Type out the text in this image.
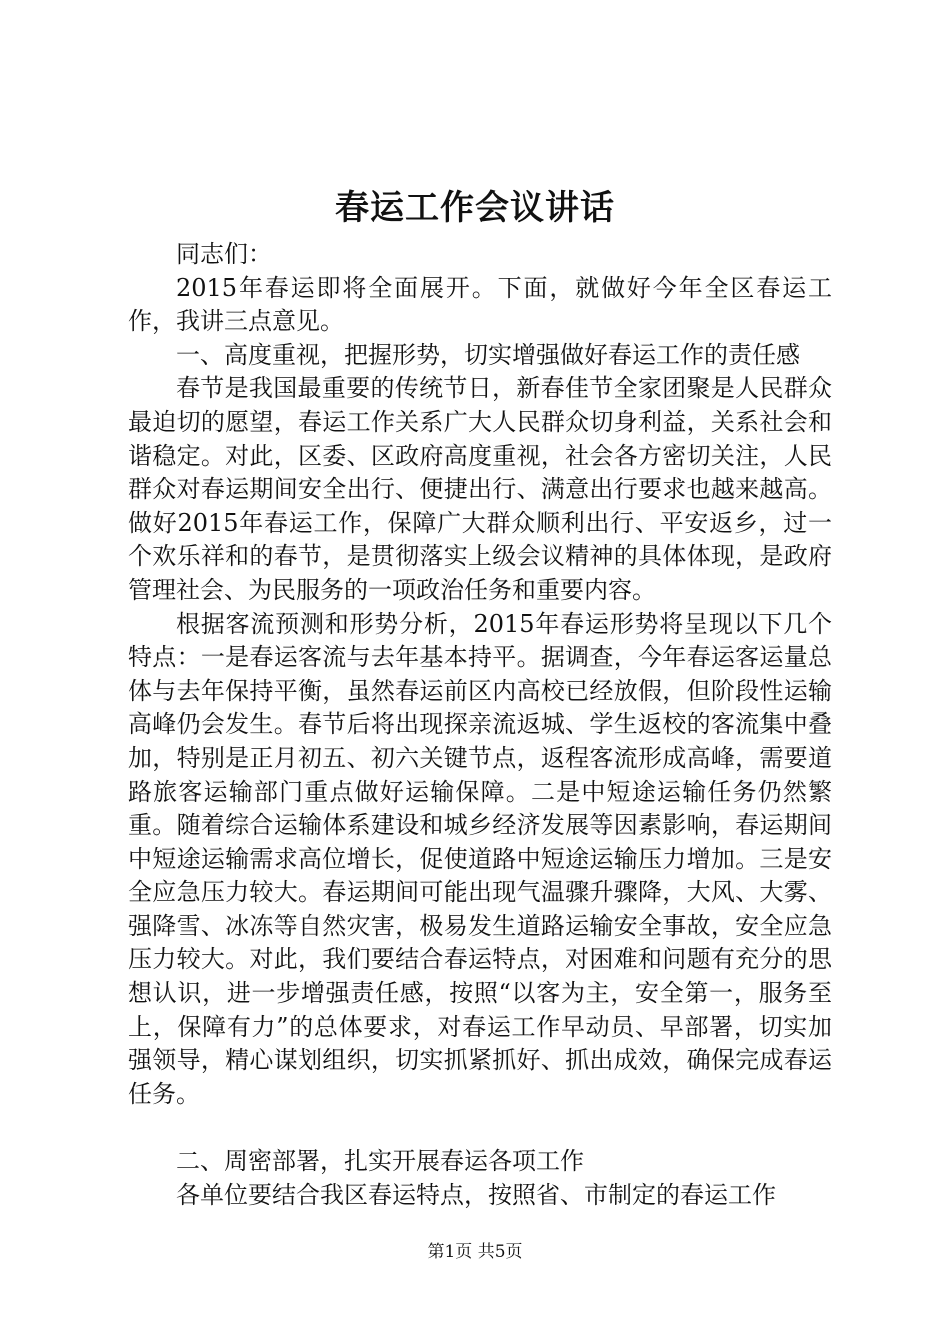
春运工作会议讲话

同志们：

2015年春运即将全面展开。下面，就做好今年全区春运工作，我讲三点意见。

一、高度重视，把握形势，切实增强做好春运工作的责任感

春节是我国最重要的传统节日，新春佳节全家团聚是人民群众最迫切的愿望，春运工作关系广大人民群众切身利益，关系社会和谐稳定。对此，区委、区政府高度重视，社会各方密切关注，人民群众对春运期间安全出行、便捷出行、满意出行要求也越来越高。做好2015年春运工作，保障广大群众顺利出行、平安返乡，过一个欢乐祥和的春节，是贯彻落实上级会议精神的具体体现，是政府管理社会、为民服务的一项政治任务和重要内容。

根据客流预测和形势分析，2015年春运形势将呈现以下几个特点：一是春运客流与去年基本持平。据调查，今年春运客运量总体与去年保持平衡，虽然春运前区内高校已经放假，但阶段性运输高峰仍会发生。春节后将出现探亲流返城、学生返校的客流集中叠加，特别是正月初五、初六关键节点，返程客流形成高峰，需要道路旅客运输部门重点做好运输保障。二是中短途运输任务仍然繁重。随着综合运输体系建设和城乡经济发展等因素影响，春运期间中短途运输需求高位增长，促使道路中短途运输压力增加。三是安全应急压力较大。春运期间可能出现气温骤升骤降，大风、大雾、强降雪、冰冻等自然灾害，极易发生道路运输安全事故，安全应急压力较大。对此，我们要结合春运特点，对困难和问题有充分的思想认识，进一步增强责任感，按照“以客为主，安全第一，服务至上，保障有力”的总体要求，对春运工作早动员、早部署，切实加强领导，精心谋划组织，切实抓紧抓好、抓出成效，确保完成春运任务。

二、周密部署，扎实开展春运各项工作

各单位要结合我区春运特点，按照省、市制定的春运工作

第1页 共5页
